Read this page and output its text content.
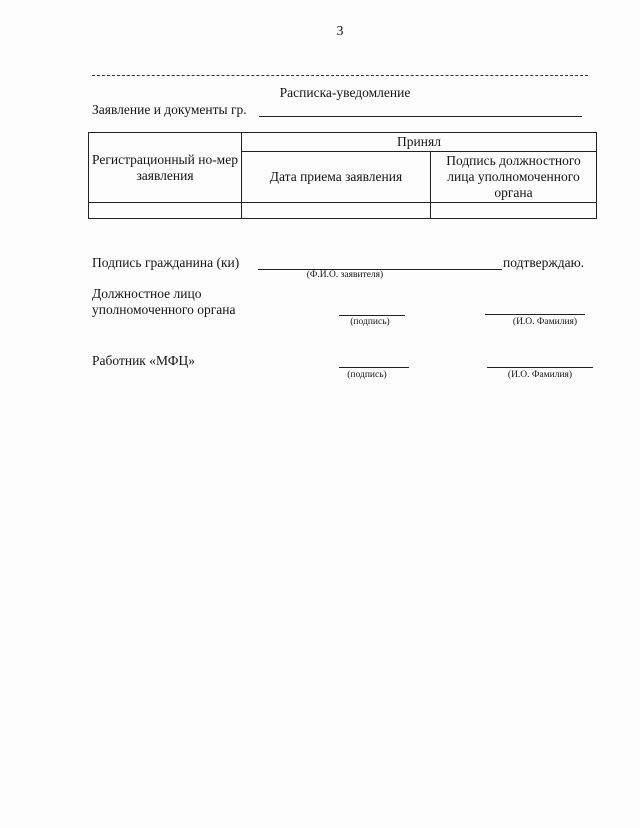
3
Расписка-уведомление
Заявление и документы гр.
Регистрационный но-мер заявления	Принял	
	Дата приема заявления	Подпись должностного лица уполномоченного органа

Подпись гражданина (ки)	подтверждаю.
(Ф.И.О. заявителя)
Должностное лицо
уполномоченного органа
(подпись)	(И.О. Фамилия)
Работник «МФЦ»
(подпись)	(И.О. Фамилия)
